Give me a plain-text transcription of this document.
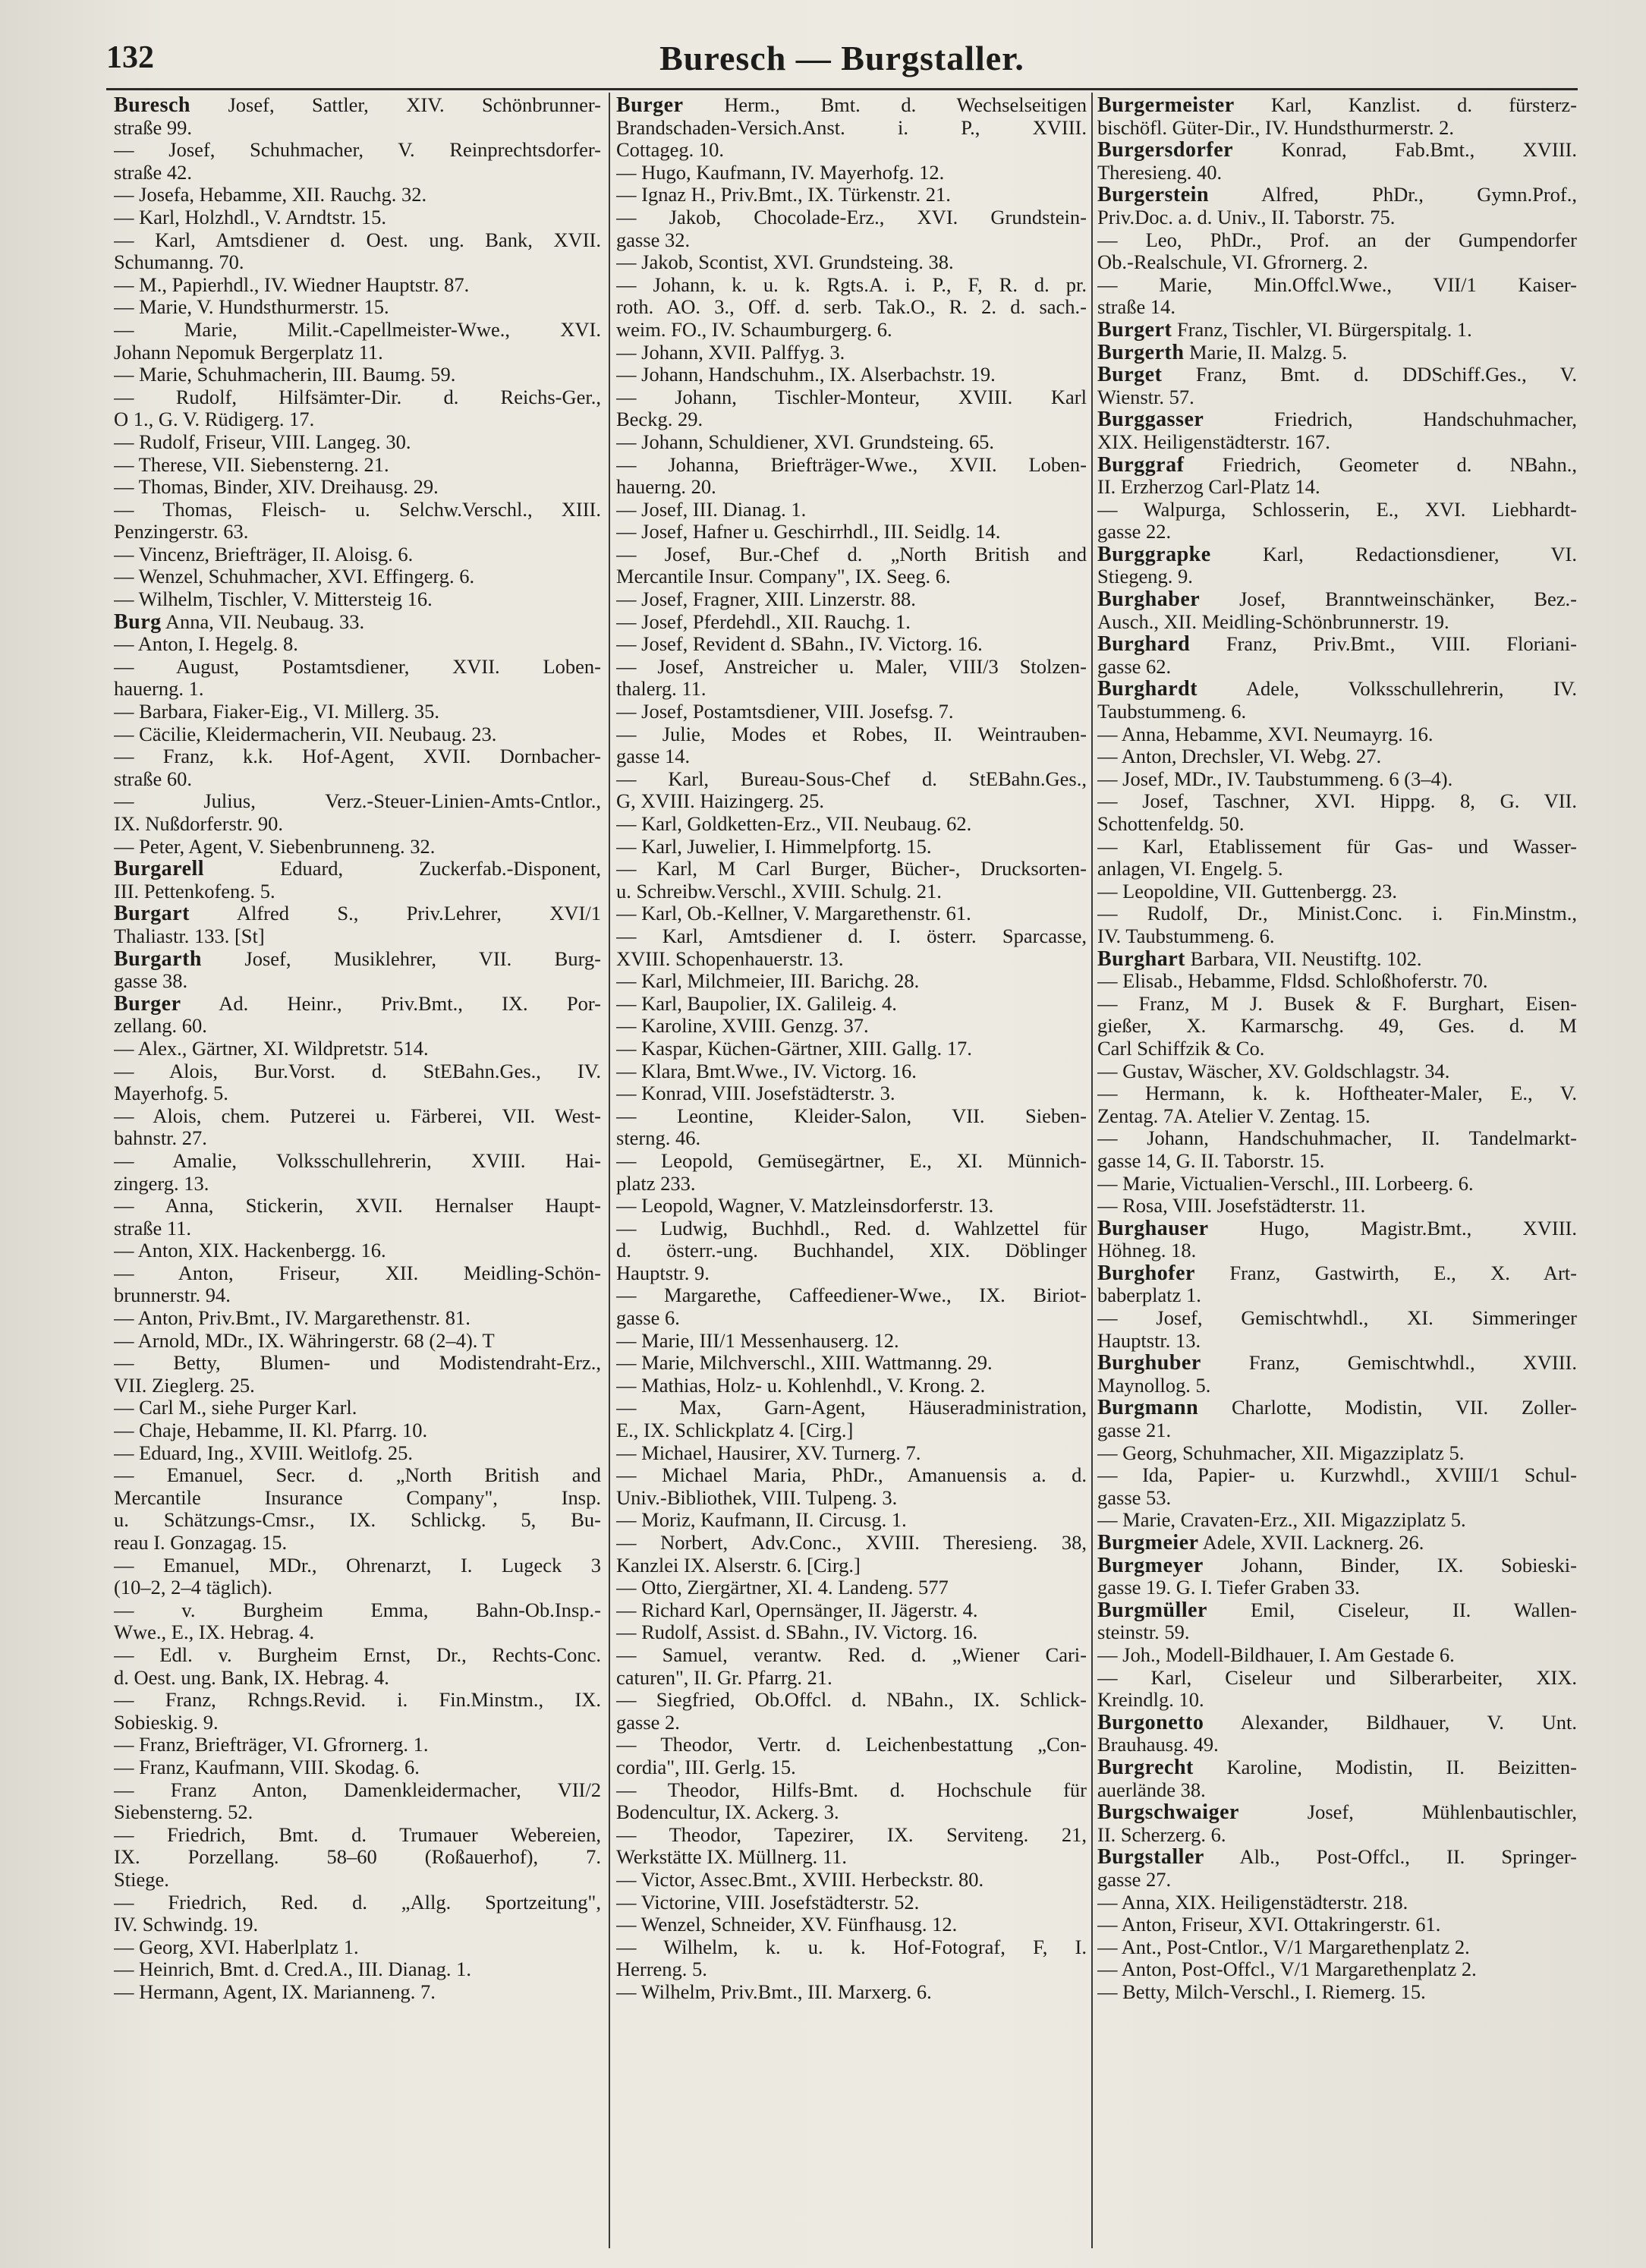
132	Buresch — Burgstaller.
Buresch Josef, Sattler, XIV. Schönbrunner-
straße 99.
— Josef, Schuhmacher, V. Reinprechtsdorfer-
straße 42.
— Josefa, Hebamme, XII. Rauchg. 32.
— Karl, Holzhdl., V. Arndtstr. 15.
— Karl, Amtsdiener d. Oest. ung. Bank, XVII.
Schumanng. 70.
— M., Papierhdl., IV. Wiedner Hauptstr. 87.
— Marie, V. Hundsthurmerstr. 15.
— Marie, Milit.-Capellmeister-Wwe., XVI.
Johann Nepomuk Bergerplatz 11.
— Marie, Schuhmacherin, III. Baumg. 59.
— Rudolf, Hilfsämter-Dir. d. Reichs-Ger.,
O 1., G. V. Rüdigerg. 17.
— Rudolf, Friseur, VIII. Langeg. 30.
— Therese, VII. Siebensterng. 21.
— Thomas, Binder, XIV. Dreihausg. 29.
— Thomas, Fleisch- u. Selchw.Verschl., XIII.
Penzingerstr. 63.
— Vincenz, Briefträger, II. Aloisg. 6.
— Wenzel, Schuhmacher, XVI. Effingerg. 6.
— Wilhelm, Tischler, V. Mittersteig 16.
Burg Anna, VII. Neubaug. 33.
— Anton, I. Hegelg. 8.
— August, Postamtsdiener, XVII. Loben-
hauerng. 1.
— Barbara, Fiaker-Eig., VI. Millerg. 35.
— Cäcilie, Kleidermacherin, VII. Neubaug. 23.
— Franz, k.k. Hof-Agent, XVII. Dornbacher-
straße 60.
— Julius, Verz.-Steuer-Linien-Amts-Cntlor.,
IX. Nußdorferstr. 90.
— Peter, Agent, V. Siebenbrunneng. 32.
Burgarell Eduard, Zuckerfab.-Disponent,
III. Pettenkofeng. 5.
Burgart Alfred S., Priv.Lehrer, XVI/1
Thaliastr. 133. [St]
Burgarth Josef, Musiklehrer, VII. Burg-
gasse 38.
Burger Ad. Heinr., Priv.Bmt., IX. Por-
zellang. 60.
— Alex., Gärtner, XI. Wildpretstr. 514.
— Alois, Bur.Vorst. d. StEBahn.Ges., IV.
Mayerhofg. 5.
— Alois, chem. Putzerei u. Färberei, VII. West-
bahnstr. 27.
— Amalie, Volksschullehrerin, XVIII. Hai-
zingerg. 13.
— Anna, Stickerin, XVII. Hernalser Haupt-
straße 11.
— Anton, XIX. Hackenbergg. 16.
— Anton, Friseur, XII. Meidling-Schön-
brunnerstr. 94.
— Anton, Priv.Bmt., IV. Margarethenstr. 81.
— Arnold, MDr., IX. Währingerstr. 68 (2–4). T
— Betty, Blumen- und Modistendraht-Erz.,
VII. Zieglerg. 25.
— Carl M., siehe Purger Karl.
— Chaje, Hebamme, II. Kl. Pfarrg. 10.
— Eduard, Ing., XVIII. Weitlofg. 25.
— Emanuel, Secr. d. „North British and
Mercantile Insurance Company", Insp.
u. Schätzungs-Cmsr., IX. Schlickg. 5, Bu-
reau I. Gonzagag. 15.
— Emanuel, MDr., Ohrenarzt, I. Lugeck 3
(10–2, 2–4 täglich).
— v. Burgheim Emma, Bahn-Ob.Insp.-
Wwe., E., IX. Hebrag. 4.
— Edl. v. Burgheim Ernst, Dr., Rechts-Conc.
d. Oest. ung. Bank, IX. Hebrag. 4.
— Franz, Rchngs.Revid. i. Fin.Minstm., IX.
Sobieskig. 9.
— Franz, Briefträger, VI. Gfrornerg. 1.
— Franz, Kaufmann, VIII. Skodag. 6.
— Franz Anton, Damenkleidermacher, VII/2
Siebensterng. 52.
— Friedrich, Bmt. d. Trumauer Webereien,
IX. Porzellang. 58–60 (Roßauerhof), 7.
Stiege.
— Friedrich, Red. d. „Allg. Sportzeitung",
IV. Schwindg. 19.
— Georg, XVI. Haberlplatz 1.
— Heinrich, Bmt. d. Cred.A., III. Dianag. 1.
— Hermann, Agent, IX. Marianneng. 7.
Burger Herm., Bmt. d. Wechselseitigen
Brandschaden-Versich.Anst. i. P., XVIII.
Cottageg. 10.
— Hugo, Kaufmann, IV. Mayerhofg. 12.
— Ignaz H., Priv.Bmt., IX. Türkenstr. 21.
— Jakob, Chocolade-Erz., XVI. Grundstein-
gasse 32.
— Jakob, Scontist, XVI. Grundsteing. 38.
— Johann, k. u. k. Rgts.A. i. P., F, R. d. pr.
roth. AO. 3., Off. d. serb. Tak.O., R. 2. d. sach.-
weim. FO., IV. Schaumburgerg. 6.
— Johann, XVII. Palffyg. 3.
— Johann, Handschuhm., IX. Alserbachstr. 19.
— Johann, Tischler-Monteur, XVIII. Karl
Beckg. 29.
— Johann, Schuldiener, XVI. Grundsteing. 65.
— Johanna, Briefträger-Wwe., XVII. Loben-
hauerng. 20.
— Josef, III. Dianag. 1.
— Josef, Hafner u. Geschirrhdl., III. Seidlg. 14.
— Josef, Bur.-Chef d. „North British and
Mercantile Insur. Company", IX. Seeg. 6.
— Josef, Fragner, XIII. Linzerstr. 88.
— Josef, Pferdehdl., XII. Rauchg. 1.
— Josef, Revident d. SBahn., IV. Victorg. 16.
— Josef, Anstreicher u. Maler, VIII/3 Stolzen-
thalerg. 11.
— Josef, Postamtsdiener, VIII. Josefsg. 7.
— Julie, Modes et Robes, II. Weintrauben-
gasse 14.
— Karl, Bureau-Sous-Chef d. StEBahn.Ges.,
G, XVIII. Haizingerg. 25.
— Karl, Goldketten-Erz., VII. Neubaug. 62.
— Karl, Juwelier, I. Himmelpfortg. 15.
— Karl, M Carl Burger, Bücher-, Drucksorten-
u. Schreibw.Verschl., XVIII. Schulg. 21.
— Karl, Ob.-Kellner, V. Margarethenstr. 61.
— Karl, Amtsdiener d. I. österr. Sparcasse,
XVIII. Schopenhauerstr. 13.
— Karl, Milchmeier, III. Barichg. 28.
— Karl, Baupolier, IX. Galileig. 4.
— Karoline, XVIII. Genzg. 37.
— Kaspar, Küchen-Gärtner, XIII. Gallg. 17.
— Klara, Bmt.Wwe., IV. Victorg. 16.
— Konrad, VIII. Josefstädterstr. 3.
— Leontine, Kleider-Salon, VII. Sieben-
sterng. 46.
— Leopold, Gemüsegärtner, E., XI. Münnich-
platz 233.
— Leopold, Wagner, V. Matzleinsdorferstr. 13.
— Ludwig, Buchhdl., Red. d. Wahlzettel für
d. österr.-ung. Buchhandel, XIX. Döblinger
Hauptstr. 9.
— Margarethe, Caffeediener-Wwe., IX. Biriot-
gasse 6.
— Marie, III/1 Messenhauserg. 12.
— Marie, Milchverschl., XIII. Wattmanng. 29.
— Mathias, Holz- u. Kohlenhdl., V. Krong. 2.
— Max, Garn-Agent, Häuseradministration,
E., IX. Schlickplatz 4. [Cirg.]
— Michael, Hausirer, XV. Turnerg. 7.
— Michael Maria, PhDr., Amanuensis a. d.
Univ.-Bibliothek, VIII. Tulpeng. 3.
— Moriz, Kaufmann, II. Circusg. 1.
— Norbert, Adv.Conc., XVIII. Theresieng. 38,
Kanzlei IX. Alserstr. 6. [Cirg.]
— Otto, Ziergärtner, XI. 4. Landeng. 577
— Richard Karl, Opernsänger, II. Jägerstr. 4.
— Rudolf, Assist. d. SBahn., IV. Victorg. 16.
— Samuel, verantw. Red. d. „Wiener Cari-
caturen", II. Gr. Pfarrg. 21.
— Siegfried, Ob.Offcl. d. NBahn., IX. Schlick-
gasse 2.
— Theodor, Vertr. d. Leichenbestattung „Con-
cordia", III. Gerlg. 15.
— Theodor, Hilfs-Bmt. d. Hochschule für
Bodencultur, IX. Ackerg. 3.
— Theodor, Tapezirer, IX. Serviteng. 21,
Werkstätte IX. Müllnerg. 11.
— Victor, Assec.Bmt., XVIII. Herbeckstr. 80.
— Victorine, VIII. Josefstädterstr. 52.
— Wenzel, Schneider, XV. Fünfhausg. 12.
— Wilhelm, k. u. k. Hof-Fotograf, F, I.
Herreng. 5.
— Wilhelm, Priv.Bmt., III. Marxerg. 6.
Burgermeister Karl, Kanzlist. d. fürsterz-
bischöfl. Güter-Dir., IV. Hundsthurmerstr. 2.
Burgersdorfer Konrad, Fab.Bmt., XVIII.
Theresieng. 40.
Burgerstein Alfred, PhDr., Gymn.Prof.,
Priv.Doc. a. d. Univ., II. Taborstr. 75.
— Leo, PhDr., Prof. an der Gumpendorfer
Ob.-Realschule, VI. Gfrornerg. 2.
— Marie, Min.Offcl.Wwe., VII/1 Kaiser-
straße 14.
Burgert Franz, Tischler, VI. Bürgerspitalg. 1.
Burgerth Marie, II. Malzg. 5.
Burget Franz, Bmt. d. DDSchiff.Ges., V.
Wienstr. 57.
Burggasser Friedrich, Handschuhmacher,
XIX. Heiligenstädterstr. 167.
Burggraf Friedrich, Geometer d. NBahn.,
II. Erzherzog Carl-Platz 14.
— Walpurga, Schlosserin, E., XVI. Liebhardt-
gasse 22.
Burggrapke Karl, Redactionsdiener, VI.
Stiegeng. 9.
Burghaber Josef, Branntweinschänker, Bez.-
Ausch., XII. Meidling-Schönbrunnerstr. 19.
Burghard Franz, Priv.Bmt., VIII. Floriani-
gasse 62.
Burghardt Adele, Volksschullehrerin, IV.
Taubstummeng. 6.
— Anna, Hebamme, XVI. Neumayrg. 16.
— Anton, Drechsler, VI. Webg. 27.
— Josef, MDr., IV. Taubstummeng. 6 (3–4).
— Josef, Taschner, XVI. Hippg. 8, G. VII.
Schottenfeldg. 50.
— Karl, Etablissement für Gas- und Wasser-
anlagen, VI. Engelg. 5.
— Leopoldine, VII. Guttenbergg. 23.
— Rudolf, Dr., Minist.Conc. i. Fin.Minstm.,
IV. Taubstummeng. 6.
Burghart Barbara, VII. Neustiftg. 102.
— Elisab., Hebamme, Fldsd. Schloßhoferstr. 70.
— Franz, M J. Busek & F. Burghart, Eisen-
gießer, X. Karmarschg. 49, Ges. d. M
Carl Schiffzik & Co.
— Gustav, Wäscher, XV. Goldschlagstr. 34.
— Hermann, k. k. Hoftheater-Maler, E., V.
Zentag. 7A. Atelier V. Zentag. 15.
— Johann, Handschuhmacher, II. Tandelmarkt-
gasse 14, G. II. Taborstr. 15.
— Marie, Victualien-Verschl., III. Lorbeerg. 6.
— Rosa, VIII. Josefstädterstr. 11.
Burghauser Hugo, Magistr.Bmt., XVIII.
Höhneg. 18.
Burghofer Franz, Gastwirth, E., X. Art-
baberplatz 1.
— Josef, Gemischtwhdl., XI. Simmeringer
Hauptstr. 13.
Burghuber Franz, Gemischtwhdl., XVIII.
Maynollog. 5.
Burgmann Charlotte, Modistin, VII. Zoller-
gasse 21.
— Georg, Schuhmacher, XII. Migazziplatz 5.
— Ida, Papier- u. Kurzwhdl., XVIII/1 Schul-
gasse 53.
— Marie, Cravaten-Erz., XII. Migazziplatz 5.
Burgmeier Adele, XVII. Lacknerg. 26.
Burgmeyer Johann, Binder, IX. Sobieski-
gasse 19. G. I. Tiefer Graben 33.
Burgmüller Emil, Ciseleur, II. Wallen-
steinstr. 59.
— Joh., Modell-Bildhauer, I. Am Gestade 6.
— Karl, Ciseleur und Silberarbeiter, XIX.
Kreindlg. 10.
Burgonetto Alexander, Bildhauer, V. Unt.
Brauhausg. 49.
Burgrecht Karoline, Modistin, II. Beizitten-
auerlände 38.
Burgschwaiger Josef, Mühlenbautischler,
II. Scherzerg. 6.
Burgstaller Alb., Post-Offcl., II. Springer-
gasse 27.
— Anna, XIX. Heiligenstädterstr. 218.
— Anton, Friseur, XVI. Ottakringerstr. 61.
— Ant., Post-Cntlor., V/1 Margarethenplatz 2.
— Anton, Post-Offcl., V/1 Margarethenplatz 2.
— Betty, Milch-Verschl., I. Riemerg. 15.
